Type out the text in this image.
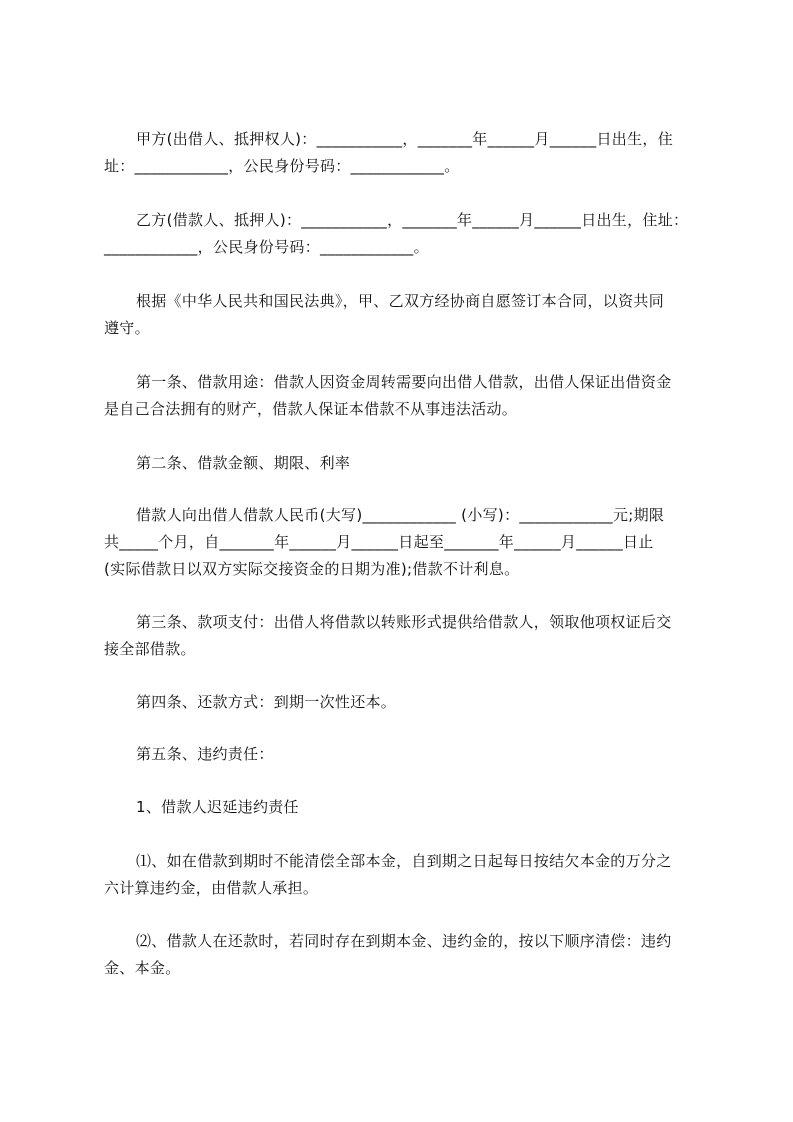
甲方(出借人、抵押权人)：___________，_______年______月______日出生，住
址：____________，公民身份号码：____________。

乙方(借款人、抵押人)：___________，_______年______月______日出生，住址：
____________，公民身份号码：____________。

根据《中华人民共和国民法典》，甲、乙双方经协商自愿签订本合同，以资共同
遵守。

第一条、借款用途：借款人因资金周转需要向出借人借款，出借人保证出借资金
是自己合法拥有的财产，借款人保证本借款不从事违法活动。

第二条、借款金额、期限、利率

借款人向出借人借款人民币(大写)____________ (小写)：____________元;期限
共_____个月，自_______年______月______日起至_______年______月______日止
(实际借款日以双方实际交接资金的日期为准);借款不计利息。

第三条、款项支付：出借人将借款以转账形式提供给借款人，领取他项权证后交
接全部借款。

第四条、还款方式：到期一次性还本。

第五条、违约责任：

1、借款人迟延违约责任

⑴、如在借款到期时不能清偿全部本金，自到期之日起每日按结欠本金的万分之
六计算违约金，由借款人承担。

⑵、借款人在还款时，若同时存在到期本金、违约金的，按以下顺序清偿：违约
金、本金。
